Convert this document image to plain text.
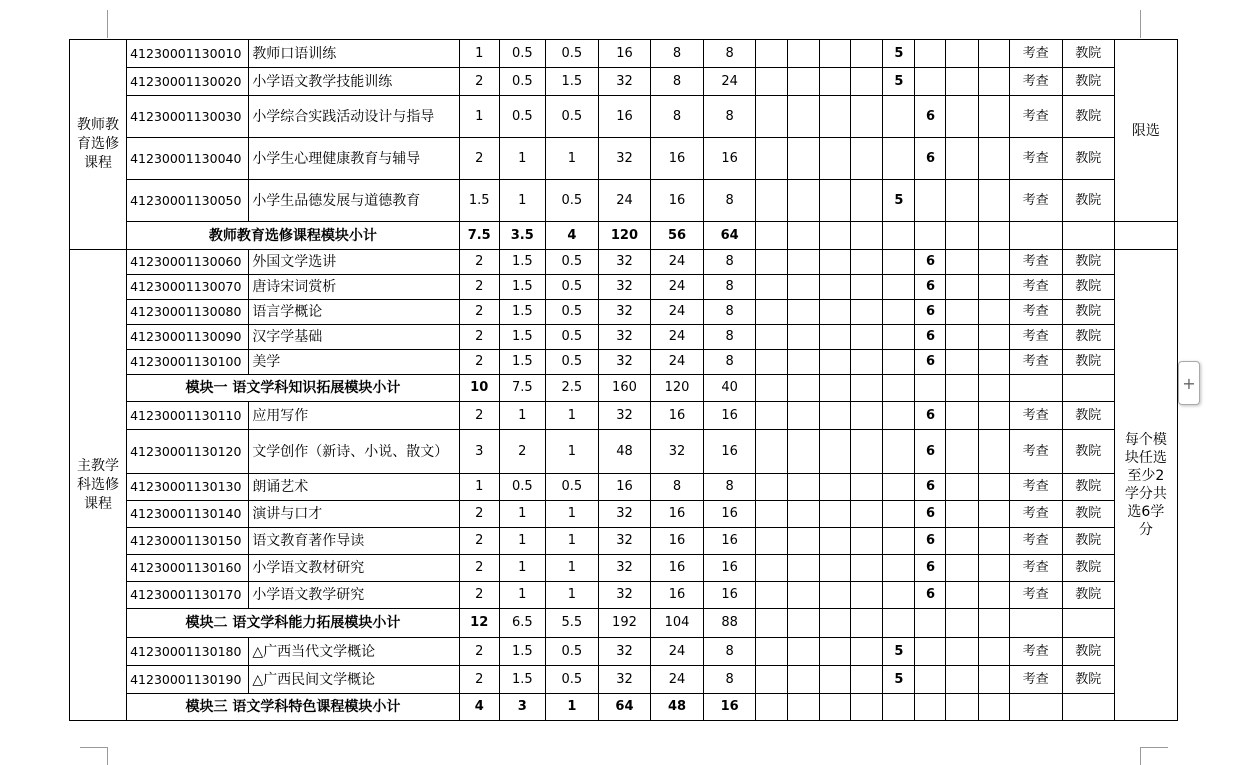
教师教育选修课程	41230001130010	教师口语训练	1	0.5	0.5	16	8	8					5				考查	教院	限选
	41230001130020	小学语文教学技能训练	2	0.5	1.5	32	8	24					5				考查	教院	
	41230001130030	小学综合实践活动设计与指导	1	0.5	0.5	16	8	8						6			考查	教院	
	41230001130040	小学生心理健康教育与辅导	2	1	1	32	16	16						6			考查	教院	
	41230001130050	小学生品德发展与道德教育	1.5	1	0.5	24	16	8					5				考查	教院	
	教师教育选修课程模块小计		7.5	3.5	4	120	56	64											
主教学科选修课程	41230001130060	外国文学选讲	2	1.5	0.5	32	24	8						6			考查	教院	每个模块任选至少2学分共选6学分
	41230001130070	唐诗宋词赏析	2	1.5	0.5	32	24	8						6			考查	教院	
	41230001130080	语言学概论	2	1.5	0.5	32	24	8						6			考查	教院	
	41230001130090	汉字学基础	2	1.5	0.5	32	24	8						6			考查	教院	
	41230001130100	美学	2	1.5	0.5	32	24	8						6			考查	教院	
	模块一 语文学科知识拓展模块小计		10	7.5	2.5	160	120	40											
	41230001130110	应用写作	2	1	1	32	16	16						6			考查	教院	
	41230001130120	文学创作（新诗、小说、散文）	3	2	1	48	32	16						6			考查	教院	
	41230001130130	朗诵艺术	1	0.5	0.5	16	8	8						6			考查	教院	
	41230001130140	演讲与口才	2	1	1	32	16	16						6			考查	教院	
	41230001130150	语文教育著作导读	2	1	1	32	16	16						6			考查	教院	
	41230001130160	小学语文教材研究	2	1	1	32	16	16						6			考查	教院	
	41230001130170	小学语文教学研究	2	1	1	32	16	16						6			考查	教院	
	模块二 语文学科能力拓展模块小计		12	6.5	5.5	192	104	88											
	41230001130180	△广西当代文学概论	2	1.5	0.5	32	24	8					5				考查	教院	
	41230001130190	△广西民间文学概论	2	1.5	0.5	32	24	8					5				考查	教院	
	模块三 语文学科特色课程模块小计		4	3	1	64	48	16											
+
